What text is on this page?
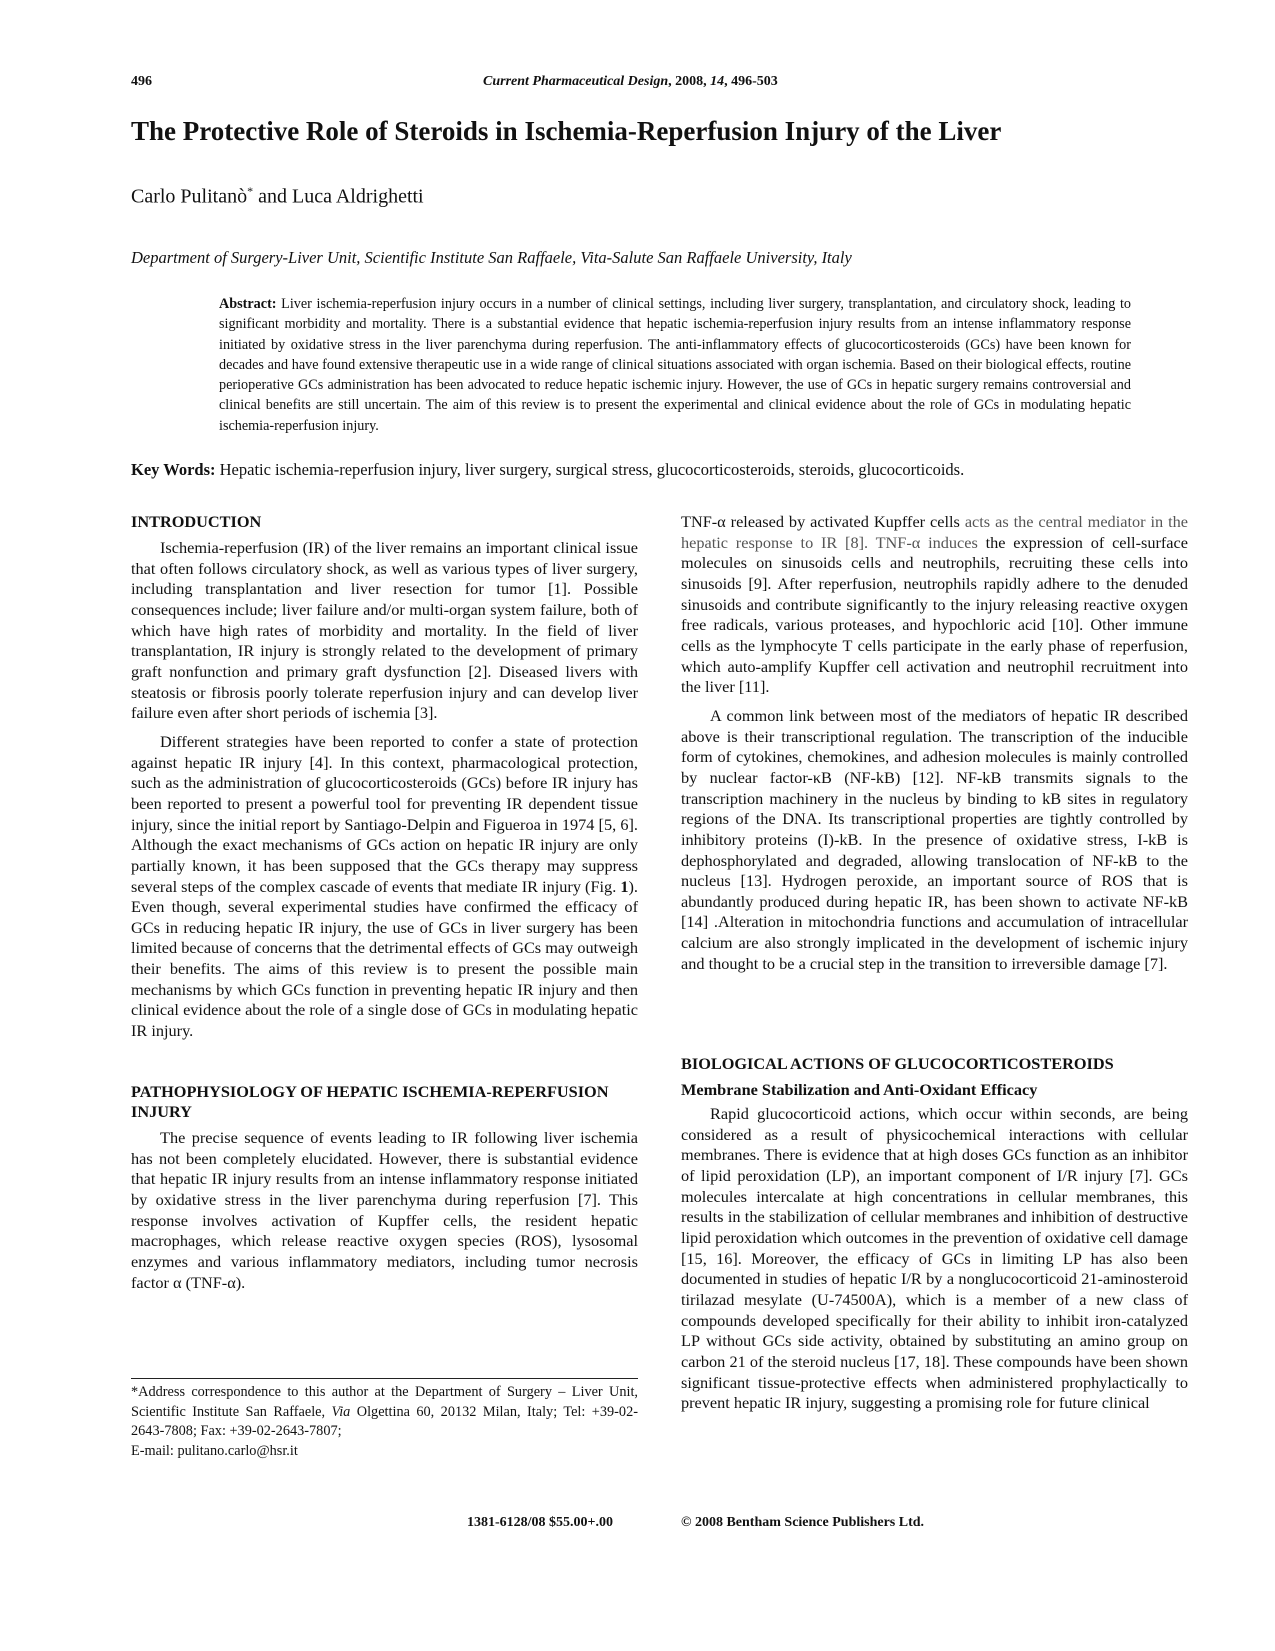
496	Current Pharmaceutical Design, 2008, 14, 496-503
The Protective Role of Steroids in Ischemia-Reperfusion Injury of the Liver
Carlo Pulitanò* and Luca Aldrighetti
Department of Surgery-Liver Unit, Scientific Institute San Raffaele, Vita-Salute San Raffaele University, Italy
Abstract: Liver ischemia-reperfusion injury occurs in a number of clinical settings, including liver surgery, transplantation, and circulatory shock, leading to significant morbidity and mortality. There is a substantial evidence that hepatic ischemia-reperfusion injury results from an intense inflammatory response initiated by oxidative stress in the liver parenchyma during reperfusion. The anti-inflammatory effects of glucocorticosteroids (GCs) have been known for decades and have found extensive therapeutic use in a wide range of clinical situations associated with organ ischemia. Based on their biological effects, routine perioperative GCs administration has been advocated to reduce hepatic ischemic injury. However, the use of GCs in hepatic surgery remains controversial and clinical benefits are still uncertain. The aim of this review is to present the experimental and clinical evidence about the role of GCs in modulating hepatic ischemia-reperfusion injury.
Key Words: Hepatic ischemia-reperfusion injury, liver surgery, surgical stress, glucocorticosteroids, steroids, glucocorticoids.
INTRODUCTION

Ischemia-reperfusion (IR) of the liver remains an important clinical issue that often follows circulatory shock, as well as various types of liver surgery, including transplantation and liver resection for tumor [1]. Possible consequences include; liver failure and/or multi-organ system failure, both of which have high rates of morbidity and mortality. In the field of liver transplantation, IR injury is strongly related to the development of primary graft nonfunction and primary graft dysfunction [2]. Diseased livers with steatosis or fibrosis poorly tolerate reperfusion injury and can develop liver failure even after short periods of ischemia [3].

Different strategies have been reported to confer a state of protection against hepatic IR injury [4]. In this context, pharmacological protection, such as the administration of glucocorticosteroids (GCs) before IR injury has been reported to present a powerful tool for preventing IR dependent tissue injury, since the initial report by Santiago-Delpin and Figueroa in 1974 [5, 6]. Although the exact mechanisms of GCs action on hepatic IR injury are only partially known, it has been supposed that the GCs therapy may suppress several steps of the complex cascade of events that mediate IR injury (Fig. 1). Even though, several experimental studies have confirmed the efficacy of GCs in reducing hepatic IR injury, the use of GCs in liver surgery has been limited because of concerns that the detrimental effects of GCs may outweigh their benefits. The aims of this review is to present the possible main mechanisms by which GCs function in preventing hepatic IR injury and then clinical evidence about the role of a single dose of GCs in modulating hepatic IR injury.

PATHOPHYSIOLOGY OF HEPATIC ISCHEMIA-REPERFUSION INJURY

The precise sequence of events leading to IR following liver ischemia has not been completely elucidated. However, there is substantial evidence that hepatic IR injury results from an intense inflammatory response initiated by oxidative stress in the liver parenchyma during reperfusion [7]. This response involves activation of Kupffer cells, the resident hepatic macrophages, which release reactive oxygen species (ROS), lysosomal enzymes and various inflammatory mediators, including tumor necrosis factor α (TNF-α).

*Address correspondence to this author at the Department of Surgery – Liver Unit, Scientific Institute San Raffaele, Via Olgettina 60, 20132 Milan, Italy; Tel: +39-02-2643-7808; Fax: +39-02-2643-7807;
E-mail: pulitano.carlo@hsr.it

TNF-α released by activated Kupffer cells acts as the central mediator in the hepatic response to IR [8]. TNF-α induces the expression of cell-surface molecules on sinusoids cells and neutrophils, recruiting these cells into sinusoids [9]. After reperfusion, neutrophils rapidly adhere to the denuded sinusoids and contribute significantly to the injury releasing reactive oxygen free radicals, various proteases, and hypochloric acid [10]. Other immune cells as the lymphocyte T cells participate in the early phase of reperfusion, which auto-amplify Kupffer cell activation and neutrophil recruitment into the liver [11].

A common link between most of the mediators of hepatic IR described above is their transcriptional regulation. The transcription of the inducible form of cytokines, chemokines, and adhesion molecules is mainly controlled by nuclear factor-κB (NF-kB) [12]. NF-kB transmits signals to the transcription machinery in the nucleus by binding to kB sites in regulatory regions of the DNA. Its transcriptional properties are tightly controlled by inhibitory proteins (I)-kB. In the presence of oxidative stress, I-kB is dephosphorylated and degraded, allowing translocation of NF-kB to the nucleus [13]. Hydrogen peroxide, an important source of ROS that is abundantly produced during hepatic IR, has been shown to activate NF-kB [14] .Alteration in mitochondria functions and accumulation of intracellular calcium are also strongly implicated in the development of ischemic injury and thought to be a crucial step in the transition to irreversible damage [7].

BIOLOGICAL ACTIONS OF GLUCOCORTICOSTEROIDS
Membrane Stabilization and Anti-Oxidant Efficacy

Rapid glucocorticoid actions, which occur within seconds, are being considered as a result of physicochemical interactions with cellular membranes. There is evidence that at high doses GCs function as an inhibitor of lipid peroxidation (LP), an important component of I/R injury [7]. GCs molecules intercalate at high concentrations in cellular membranes, this results in the stabilization of cellular membranes and inhibition of destructive lipid peroxidation which outcomes in the prevention of oxidative cell damage [15, 16]. Moreover, the efficacy of GCs in limiting LP has also been documented in studies of hepatic I/R by a nonglucocorticoid 21-aminosteroid tirilazad mesylate (U-74500A), which is a member of a new class of compounds developed specifically for their ability to inhibit iron-catalyzed LP without GCs side activity, obtained by substituting an amino group on carbon 21 of the steroid nucleus [17, 18]. These compounds have been shown significant tissue-protective effects when administered prophylactically to prevent hepatic IR injury, suggesting a promising role for future clinical

1381-6128/08 $55.00+.00	© 2008 Bentham Science Publishers Ltd.
